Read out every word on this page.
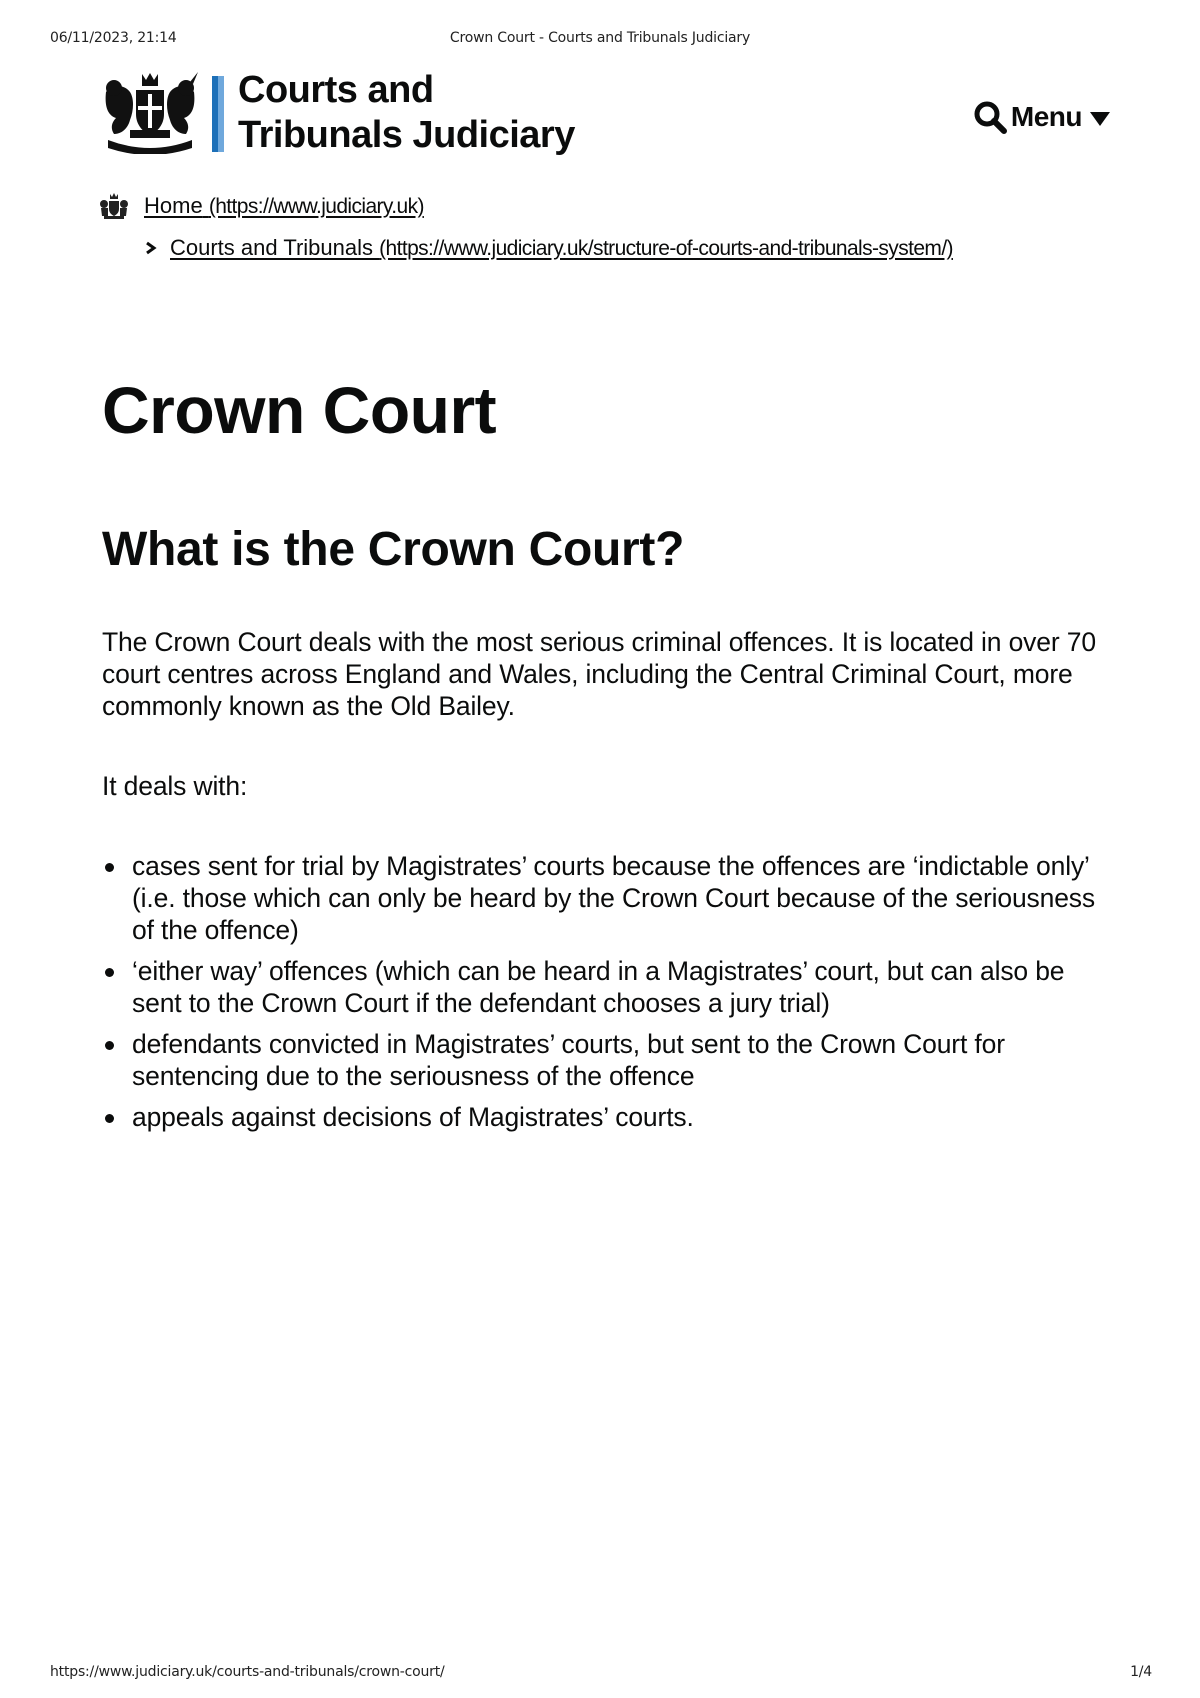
06/11/2023, 21:14	Crown Court - Courts and Tribunals Judiciary
Courts and
Tribunals Judiciary	Menu
Home (https://www.judiciary.uk)
Courts and Tribunals (https://www.judiciary.uk/structure-of-courts-and-tribunals-system/)
Crown Court
What is the Crown Court?

The Crown Court deals with the most serious criminal offences. It is located in over 70 court centres across England and Wales, including the Central Criminal Court, more commonly known as the Old Bailey.

It deals with:

cases sent for trial by Magistrates’ courts because the offences are ‘indictable only’ (i.e. those which can only be heard by the Crown Court because of the seriousness of the offence)
‘either way’ offences (which can be heard in a Magistrates’ court, but can also be sent to the Crown Court if the defendant chooses a jury trial)
defendants convicted in Magistrates’ courts, but sent to the Crown Court for sentencing due to the seriousness of the offence
appeals against decisions of Magistrates’ courts.
https://www.judiciary.uk/courts-and-tribunals/crown-court/	1/4
